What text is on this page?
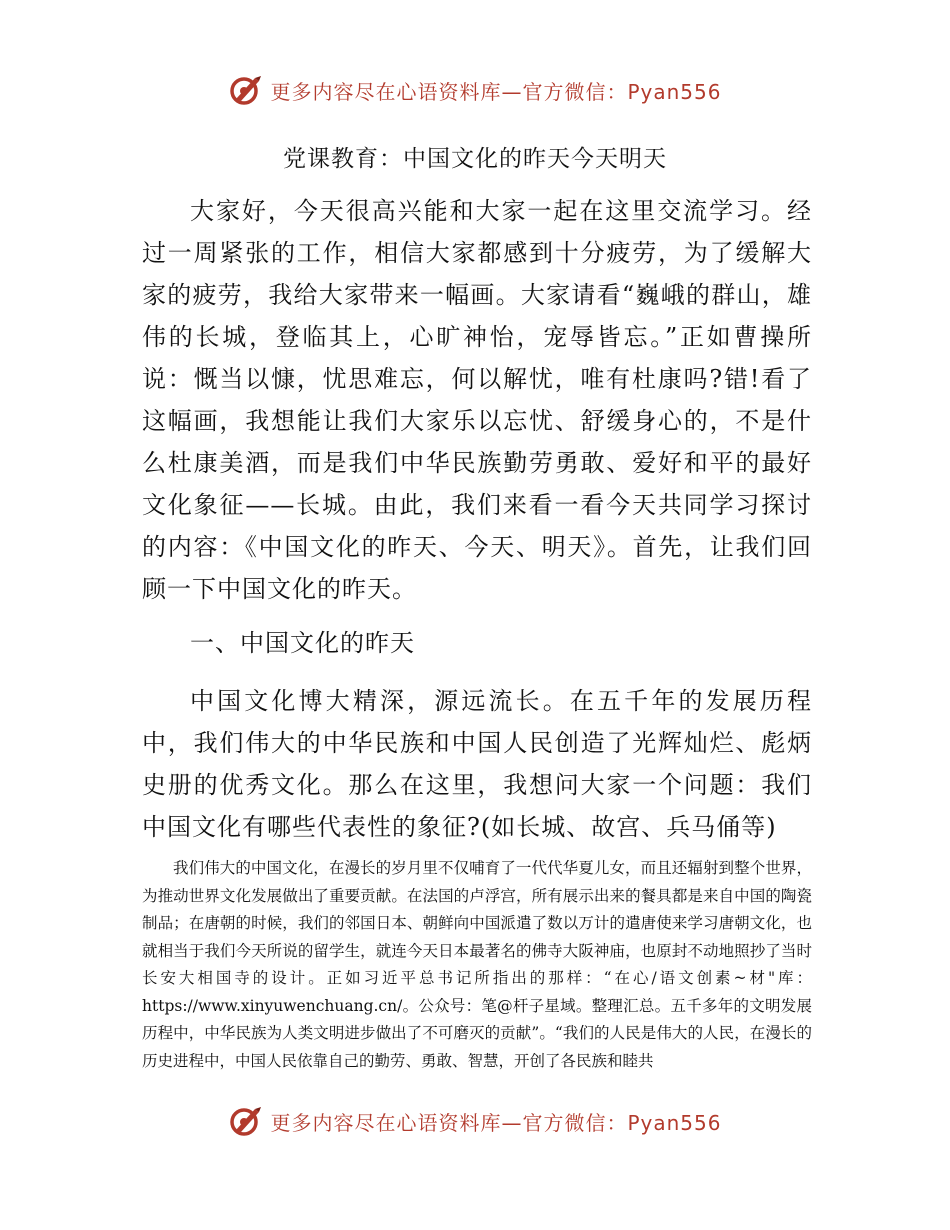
更多内容尽在心语资料库—官方微信：Pyan556
党课教育：中国文化的昨天今天明天

大家好，今天很高兴能和大家一起在这里交流学习。经过一周紧张的工作，相信大家都感到十分疲劳，为了缓解大家的疲劳，我给大家带来一幅画。大家请看“巍峨的群山，雄伟的长城，登临其上，心旷神怡，宠辱皆忘。”正如曹操所说：慨当以慷，忧思难忘，何以解忧，唯有杜康吗?错!看了这幅画，我想能让我们大家乐以忘忧、舒缓身心的，不是什么杜康美酒，而是我们中华民族勤劳勇敢、爱好和平的最好文化象征——长城。由此，我们来看一看今天共同学习探讨的内容：《中国文化的昨天、今天、明天》。首先，让我们回顾一下中国文化的昨天。

一、中国文化的昨天

中国文化博大精深，源远流长。在五千年的发展历程中，我们伟大的中华民族和中国人民创造了光辉灿烂、彪炳史册的优秀文化。那么在这里，我想问大家一个问题：我们中国文化有哪些代表性的象征?(如长城、故宫、兵马俑等)

我们伟大的中国文化，在漫长的岁月里不仅哺育了一代代华夏儿女，而且还辐射到整个世界，为推动世界文化发展做出了重要贡献。在法国的卢浮宫，所有展示出来的餐具都是来自中国的陶瓷制品；在唐朝的时候，我们的邻国日本、朝鲜向中国派遣了数以万计的遣唐使来学习唐朝文化，也就相当于我们今天所说的留学生，就连今天日本最著名的佛寺大阪神庙，也原封不动地照抄了当时长安大相国寺的设计。正如习近平总书记所指出的那样：“在心/语文创素~材"库：https://www.xinyuwenchuang.cn/。公众号：笔@杆子星域。整理汇总。五千多年的文明发展历程中，中华民族为人类文明进步做出了不可磨灭的贡献”。“我们的人民是伟大的人民，在漫长的历史进程中，中国人民依靠自己的勤劳、勇敢、智慧，开创了各民族和睦共

更多内容尽在心语资料库—官方微信：Pyan556
